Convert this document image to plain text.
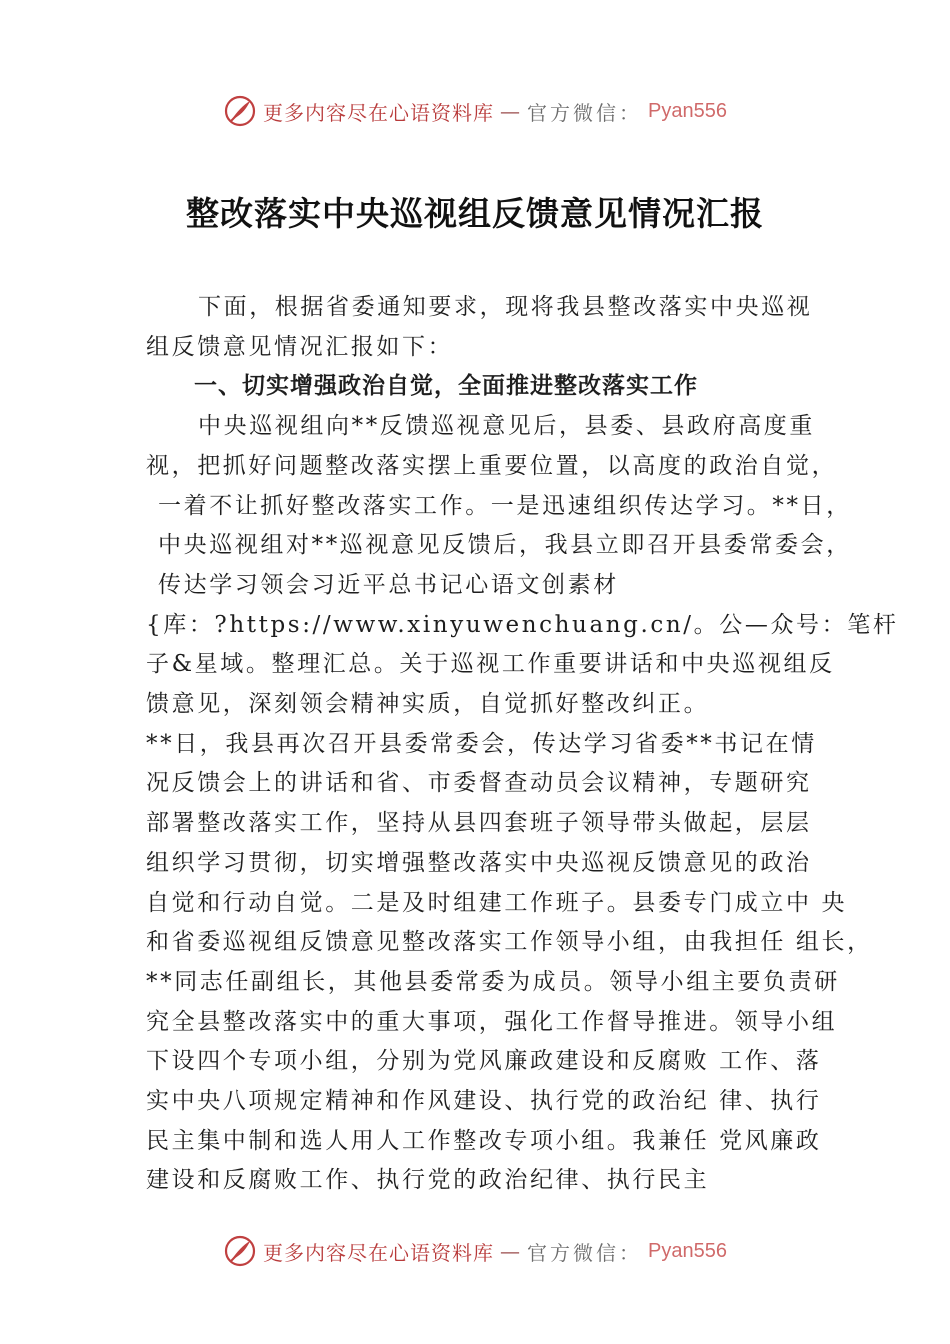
更多内容尽在心语资料库 — 官方微信： Pyan556
整改落实中央巡视组反馈意见情况汇报
下面，根据省委通知要求，现将我县整改落实中央巡视
组反馈意见情况汇报如下：
一、切实增强政治自觉，全面推进整改落实工作
中央巡视组向**反馈巡视意见后，县委、县政府高度重
视，把抓好问题整改落实摆上重要位置，以高度的政治自觉，
一着不让抓好整改落实工作。一是迅速组织传达学习。**日，
中央巡视组对**巡视意见反馈后，我县立即召开县委常委会，
传达学习领会习近平总书记心语文创素材
{库：?https://www.xinyuwenchuang.cn/。公—众号：笔杆
子&星域。整理汇总。关于巡视工作重要讲话和中央巡视组反
馈意见，深刻领会精神实质，自觉抓好整改纠正。
**日，我县再次召开县委常委会，传达学习省委**书记在情
况反馈会上的讲话和省、市委督查动员会议精神，专题研究
部署整改落实工作，坚持从县四套班子领导带头做起，层层
组织学习贯彻，切实增强整改落实中央巡视反馈意见的政治
自觉和行动自觉。二是及时组建工作班子。县委专门成立中 央
和省委巡视组反馈意见整改落实工作领导小组，由我担任 组长，
**同志任副组长，其他县委常委为成员。领导小组主要负责研
究全县整改落实中的重大事项，强化工作督导推进。领导小组
下设四个专项小组，分别为党风廉政建设和反腐败 工作、落
实中央八项规定精神和作风建设、执行党的政治纪 律、执行
民主集中制和选人用人工作整改专项小组。我兼任 党风廉政
建设和反腐败工作、执行党的政治纪律、执行民主
更多内容尽在心语资料库 — 官方微信： Pyan556
